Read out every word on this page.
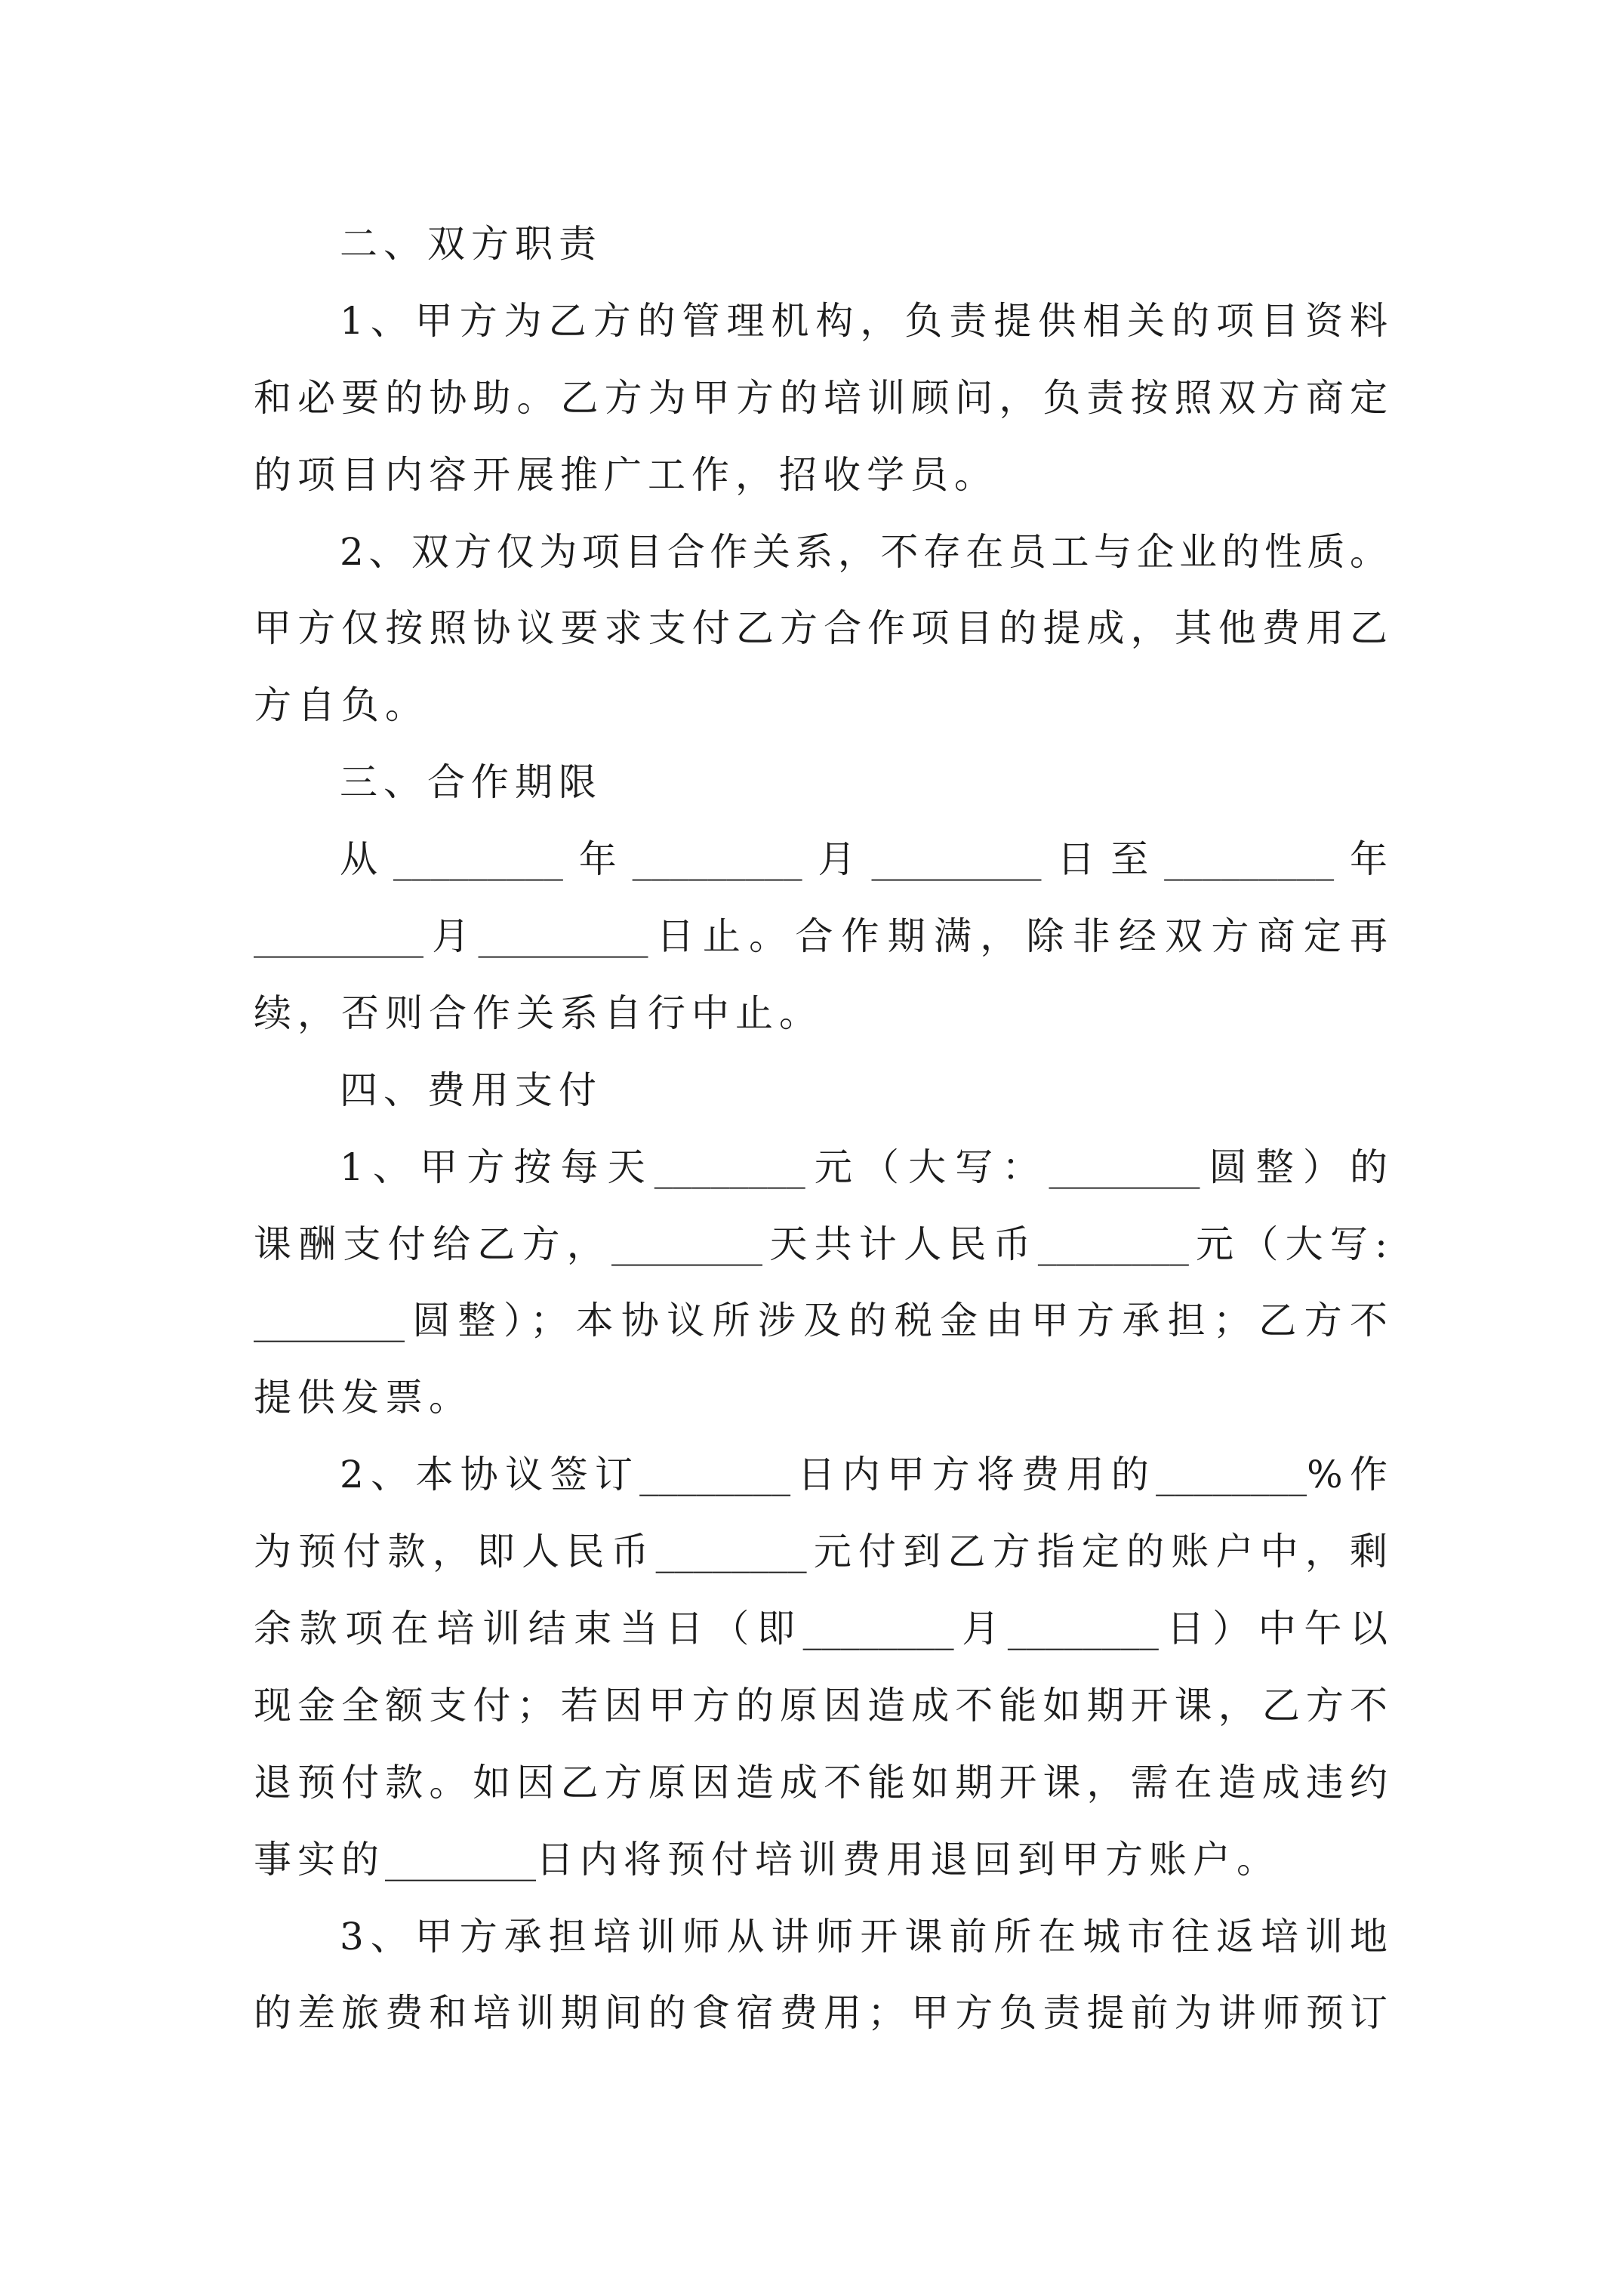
二、双方职责
1、甲方为乙方的管理机构，负责提供相关的项目资料
和必要的协助。乙方为甲方的培训顾问，负责按照双方商定
的项目内容开展推广工作，招收学员。
2、双方仅为项目合作关系，不存在员工与企业的性质。
甲方仅按照协议要求支付乙方合作项目的提成，其他费用乙
方自负。
三、合作期限
从_________年_________月_________日至_________年
_________月_________日止。合作期满，除非经双方商定再
续，否则合作关系自行中止。
四、费用支付
1、甲方按每天________元（大写：________圆整）的
课酬支付给乙方，________天共计人民币________元（大写:
________圆整）；本协议所涉及的税金由甲方承担；乙方不
提供发票。
2、本协议签订________日内甲方将费用的________%作
为预付款，即人民币________元付到乙方指定的账户中，剩
余款项在培训结束当日（即________月________日）中午以
现金全额支付；若因甲方的原因造成不能如期开课，乙方不
退预付款。如因乙方原因造成不能如期开课，需在造成违约
事实的________日内将预付培训费用退回到甲方账户。
3、甲方承担培训师从讲师开课前所在城市往返培训地
的差旅费和培训期间的食宿费用；甲方负责提前为讲师预订
